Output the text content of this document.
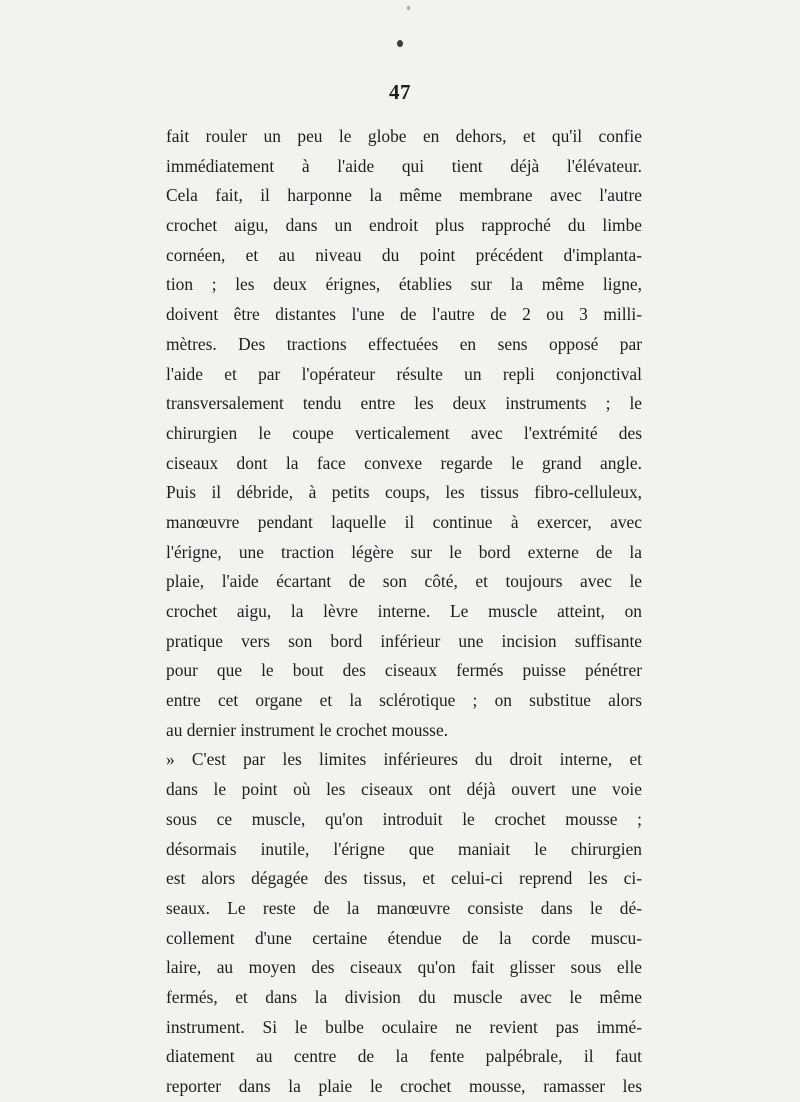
47
fait rouler un peu le globe en dehors, et qu'il confie
immédiatement à l'aide qui tient déjà l'élévateur.
Cela fait, il harponne la même membrane avec l'autre
crochet aigu, dans un endroit plus rapproché du limbe
cornéen, et au niveau du point précédent d'implanta-
tion ; les deux érignes, établies sur la même ligne,
doivent être distantes l'une de l'autre de 2 ou 3 milli-
mètres. Des tractions effectuées en sens opposé par
l'aide et par l'opérateur résulte un repli conjonctival
transversalement tendu entre les deux instruments ; le
chirurgien le coupe verticalement avec l'extrémité des
ciseaux dont la face convexe regarde le grand angle.
Puis il débride, à petits coups, les tissus fibro-celluleux,
manœuvre pendant laquelle il continue à exercer, avec
l'érigne, une traction légère sur le bord externe de la
plaie, l'aide écartant de son côté, et toujours avec le
crochet aigu, la lèvre interne. Le muscle atteint, on
pratique vers son bord inférieur une incision suffisante
pour que le bout des ciseaux fermés puisse pénétrer
entre cet organe et la sclérotique ; on substitue alors
au dernier instrument le crochet mousse.
» C'est par les limites inférieures du droit interne, et
dans le point où les ciseaux ont déjà ouvert une voie
sous ce muscle, qu'on introduit le crochet mousse ;
désormais inutile, l'érigne que maniait le chirurgien
est alors dégagée des tissus, et celui-ci reprend les ci-
seaux. Le reste de la manœuvre consiste dans le dé-
collement d'une certaine étendue de la corde muscu-
laire, au moyen des ciseaux qu'on fait glisser sous elle
fermés, et dans la division du muscle avec le même
instrument. Si le bulbe oculaire ne revient pas immé-
diatement au centre de la fente palpébrale, il faut
reporter dans la plaie le crochet mousse, ramasser les
